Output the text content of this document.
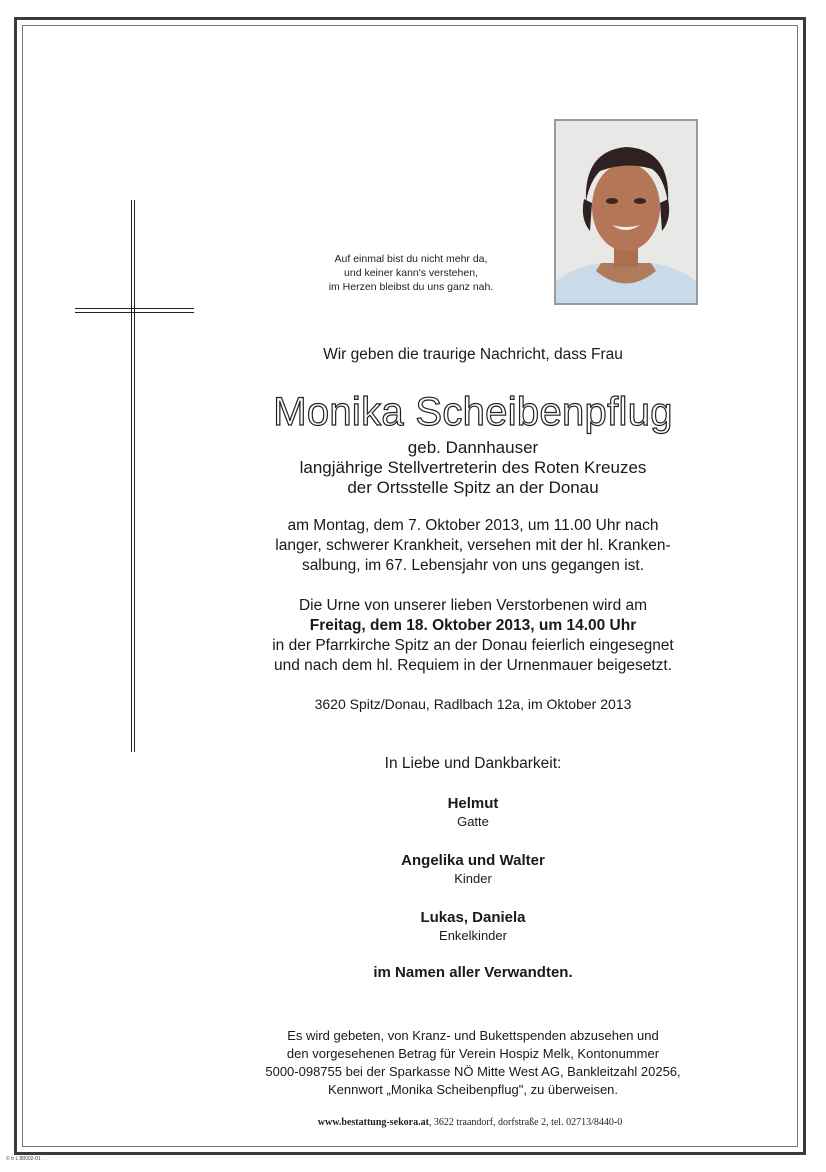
Auf einmal bist du nicht mehr da,
und keiner kann's verstehen,
im Herzen bleibst du uns ganz nah.
Wir geben die traurige Nachricht, dass Frau
Monika Scheibenpflug
geb. Dannhauser
langjährige Stellvertreterin des Roten Kreuzes
der Ortsstelle Spitz an der Donau
am Montag, dem 7. Oktober 2013, um 11.00 Uhr nach
langer, schwerer Krankheit, versehen mit der hl. Kranken-
salbung, im 67. Lebensjahr von uns gegangen ist.
Die Urne von unserer lieben Verstorbenen wird am
Freitag, dem 18. Oktober 2013, um 14.00 Uhr
in der Pfarrkirche Spitz an der Donau feierlich eingesegnet
und nach dem hl. Requiem in der Urnenmauer beigesetzt.
3620 Spitz/Donau, Radlbach 12a, im Oktober 2013
In Liebe und Dankbarkeit:
Helmut
Gatte
Angelika und Walter
Kinder
Lukas, Daniela
Enkelkinder
im Namen aller Verwandten.
Es wird gebeten, von Kranz- und Bukettspenden abzusehen und
den vorgesehenen Betrag für Verein Hospiz Melk, Kontonummer
5000-098755 bei der Sparkasse NÖ Mitte West AG, Bankleitzahl 20256,
Kennwort „Monika Scheibenpflug", zu überweisen.
www.bestattung-sekora.at, 3622 traandorf, dorfstraße 2, tel. 02713/8440-0
© tr L 88002-01
